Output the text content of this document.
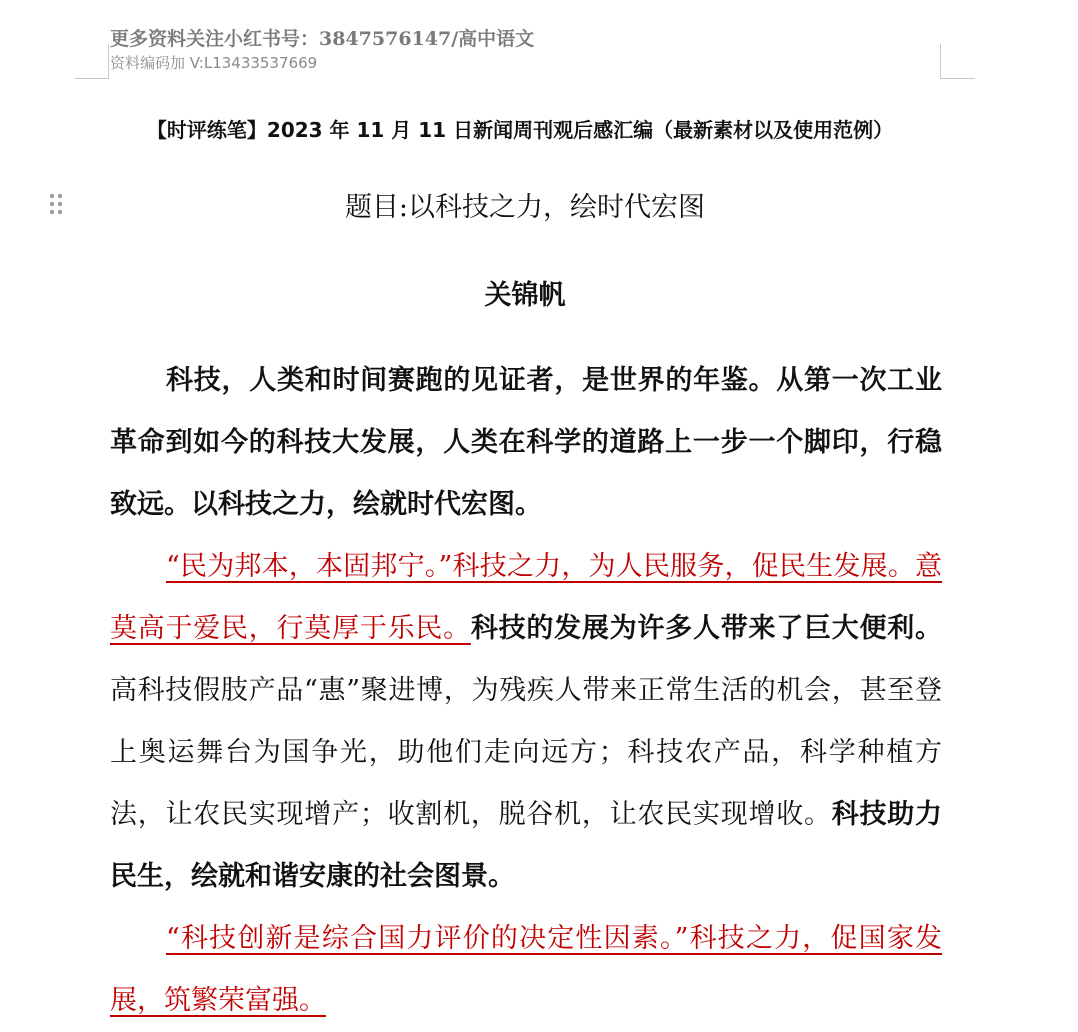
更多资料关注小红书号：3847576147/高中语文
资料编码加 V:L13433537669
【时评练笔】2023 年 11 月 11 日新闻周刊观后感汇编（最新素材以及使用范例）
题目:以科技之力，绘时代宏图
关锦帆

科技，人类和时间赛跑的见证者，是世界的年鉴。从第一次工业革命到如今的科技大发展，人类在科学的道路上一步一个脚印，行稳致远。以科技之力，绘就时代宏图。

“民为邦本，本固邦宁。”科技之力，为人民服务，促民生发展。意莫高于爱民，行莫厚于乐民。科技的发展为许多人带来了巨大便利。高科技假肢产品“惠”聚进博，为残疾人带来正常生活的机会，甚至登上奥运舞台为国争光，助他们走向远方；科技农产品，科学种植方法，让农民实现增产；收割机，脱谷机，让农民实现增收。科技助力民生，绘就和谐安康的社会图景。

“科技创新是综合国力评价的决定性因素。”科技之力，促国家发展，筑繁荣富强。
